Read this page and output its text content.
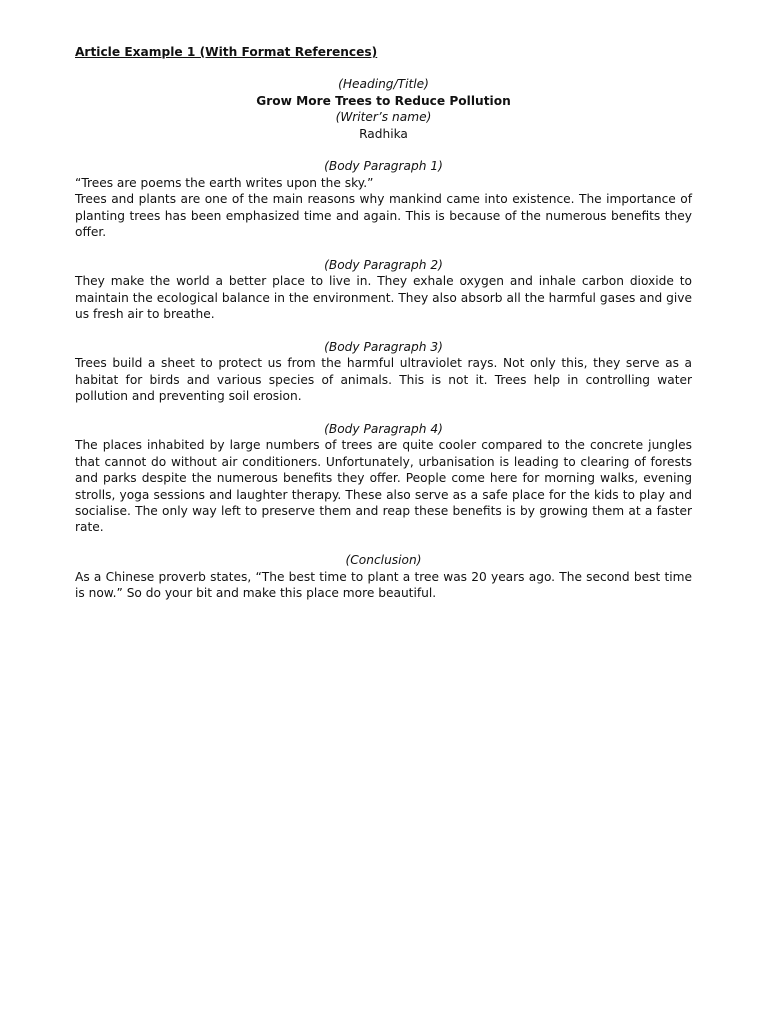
Article Example 1 (With Format References)

(Heading/Title)

Grow More Trees to Reduce Pollution

(Writer’s name)

Radhika

(Body Paragraph 1)

“Trees are poems the earth writes upon the sky.”

Trees and plants are one of the main reasons why mankind came into existence. The importance of planting trees has been emphasized time and again. This is because of the numerous benefits they offer.

(Body Paragraph 2)

They make the world a better place to live in. They exhale oxygen and inhale carbon dioxide to maintain the ecological balance in the environment. They also absorb all the harmful gases and give us fresh air to breathe.

(Body Paragraph 3)

Trees build a sheet to protect us from the harmful ultraviolet rays. Not only this, they serve as a habitat for birds and various species of animals. This is not it. Trees help in controlling water pollution and preventing soil erosion.

(Body Paragraph 4)

The places inhabited by large numbers of trees are quite cooler compared to the concrete jungles that cannot do without air conditioners. Unfortunately, urbanisation is leading to clearing of forests and parks despite the numerous benefits they offer. People come here for morning walks, evening strolls, yoga sessions and laughter therapy. These also serve as a safe place for the kids to play and socialise. The only way left to preserve them and reap these benefits is by growing them at a faster rate.

(Conclusion)

As a Chinese proverb states, “The best time to plant a tree was 20 years ago. The second best time is now.” So do your bit and make this place more beautiful.
